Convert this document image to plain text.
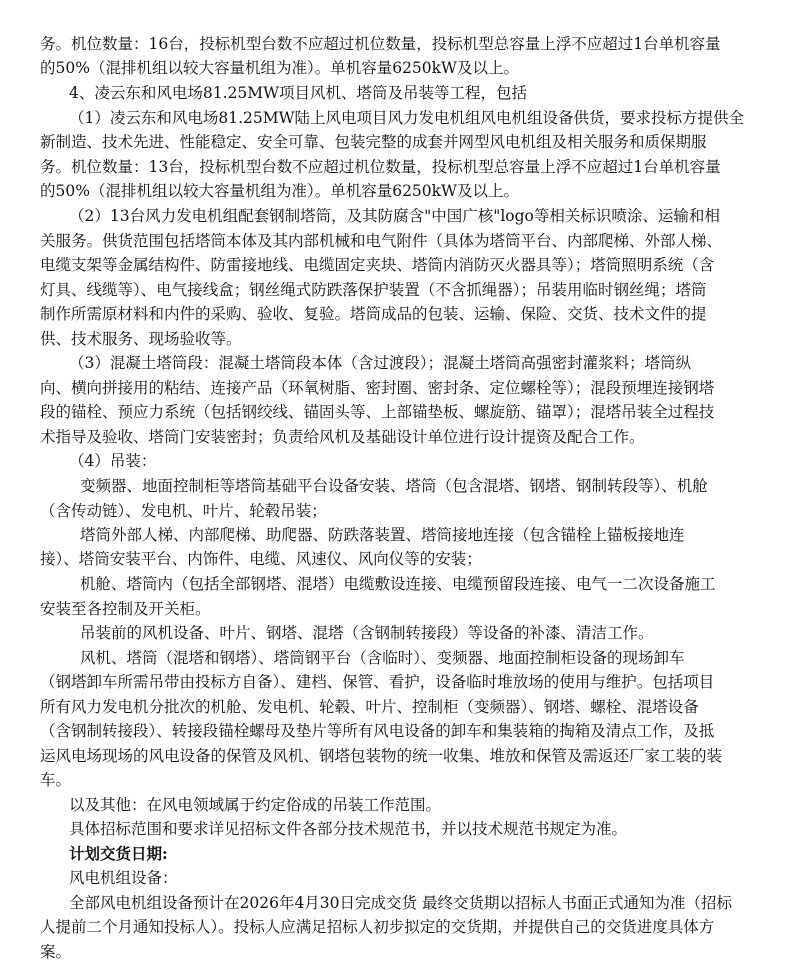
务。机位数量：16台，投标机型台数不应超过机位数量，投标机型总容量上浮不应超过1台单机容量
的50%（混排机组以较大容量机组为准）。单机容量6250kW及以上。
4、凌云东和风电场81.25MW项目风机、塔筒及吊装等工程，包括
（1）凌云东和风电场81.25MW陆上风电项目风力发电机组风电机组设备供货，要求投标方提供全
新制造、技术先进、性能稳定、安全可靠、包装完整的成套并网型风电机组及相关服务和质保期服
务。机位数量：13台，投标机型台数不应超过机位数量，投标机型总容量上浮不应超过1台单机容量
的50%（混排机组以较大容量机组为准）。单机容量6250kW及以上。
（2）13台风力发电机组配套钢制塔筒，及其防腐含"中国广核"logo等相关标识喷涂、运输和相
关服务。供货范围包括塔筒本体及其内部机械和电气附件（具体为塔筒平台、内部爬梯、外部人梯、
电缆支架等金属结构件、防雷接地线、电缆固定夹块、塔筒内消防灭火器具等）；塔筒照明系统（含
灯具、线缆等）、电气接线盒；钢丝绳式防跌落保护装置（不含抓绳器）；吊装用临时钢丝绳；塔筒
制作所需原材料和内件的采购、验收、复验。塔筒成品的包装、运输、保险、交货、技术文件的提
供、技术服务、现场验收等。
（3）混凝土塔筒段：混凝土塔筒段本体（含过渡段）；混凝土塔筒高强密封灌浆料；塔筒纵
向、横向拼接用的粘结、连接产品（环氧树脂、密封圈、密封条、定位螺栓等）；混段预埋连接钢塔
段的锚栓、预应力系统（包括钢绞线、锚固头等、上部锚垫板、螺旋筋、锚罩）；混塔吊装全过程技
术指导及验收、塔筒门安装密封；负责给风机及基础设计单位进行设计提资及配合工作。
（4）吊装：
变频器、地面控制柜等塔筒基础平台设备安装、塔筒（包含混塔、钢塔、钢制转段等）、机舱
（含传动链）、发电机、叶片、轮毂吊装；
塔筒外部人梯、内部爬梯、助爬器、防跌落装置、塔筒接地连接（包含锚栓上锚板接地连
接）、塔筒安装平台、内饰件、电缆、风速仪、风向仪等的安装；
机舱、塔筒内（包括全部钢塔、混塔）电缆敷设连接、电缆预留段连接、电气一二次设备施工
安装至各控制及开关柜。
吊装前的风机设备、叶片、钢塔、混塔（含钢制转接段）等设备的补漆、清洁工作。
风机、塔筒（混塔和钢塔）、塔筒钢平台（含临时）、变频器、地面控制柜设备的现场卸车
（钢塔卸车所需吊带由投标方自备）、建档、保管、看护，设备临时堆放场的使用与维护。包括项目
所有风力发电机分批次的机舱、发电机、轮毂、叶片、控制柜（变频器）、钢塔、螺栓、混塔设备
（含钢制转接段）、转接段锚栓螺母及垫片等所有风电设备的卸车和集装箱的掏箱及清点工作，及抵
运风电场现场的风电设备的保管及风机、钢塔包装物的统一收集、堆放和保管及需返还厂家工装的装
车。
以及其他：在风电领域属于约定俗成的吊装工作范围。
具体招标范围和要求详见招标文件各部分技术规范书，并以技术规范书规定为准。
计划交货日期:
风电机组设备：
全部风电机组设备预计在2026年4月30日完成交货 最终交货期以招标人书面正式通知为准（招标
人提前二个月通知投标人）。投标人应满足招标人初步拟定的交货期，并提供自己的交货进度具体方
案。
